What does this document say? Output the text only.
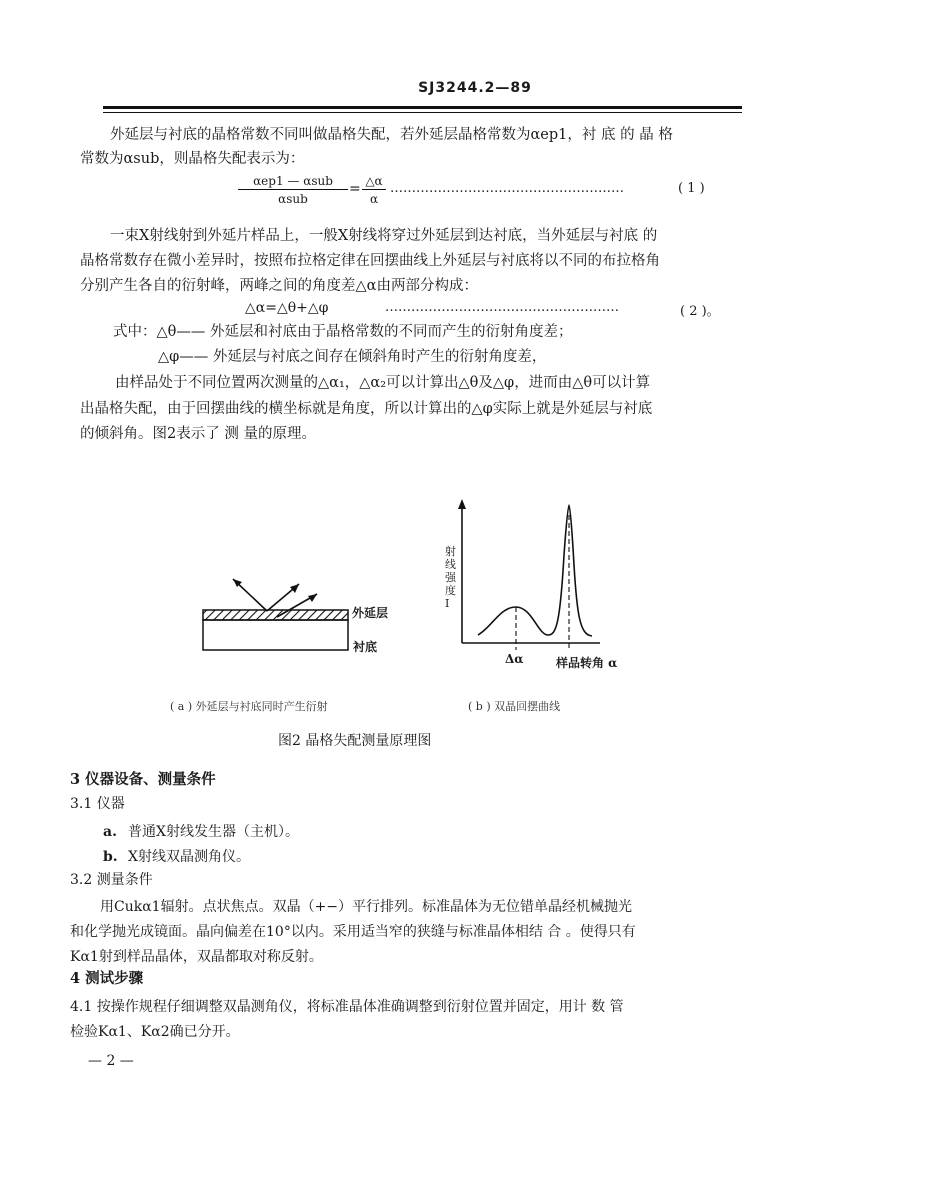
SJ3244.2—89
外延层与衬底的晶格常数不同叫做晶格失配，若外延层晶格常数为αep1，衬 底 的 晶 格
常数为αsub，则晶格失配表示为：
αep1 — αsub
αsub
= $\frac{\triangle\alpha}{\alpha}$ ………………………………………………	( 1 )
一束X射线射到外延片样品上，一般X射线将穿过外延层到达衬底，当外延层与衬底 的
晶格常数存在微小差异时，按照布拉格定律在回摆曲线上外延层与衬底将以不同的布拉格角
分别产生各自的衍射峰，两峰之间的角度差△α由两部分构成：
△α=△θ+△φ	………………………………………………	( 2 )。
式中：△θ—— 外延层和衬底由于晶格常数的不同而产生的衍射角度差；
△φ—— 外延层与衬底之间存在倾斜角时产生的衍射角度差，
由样品处于不同位置两次测量的△α₁，△α₂可以计算出△θ及△φ，进而由△θ可以计算
出晶格失配，由于回摆曲线的横坐标就是角度，所以计算出的△φ实际上就是外延层与衬底
的倾斜角。图2表示了 测 量的原理。
外延层
衬底
射线强度 I
Δα	样品转角 α
( a ) 外延层与衬底同时产生衍射	( b ) 双晶回摆曲线
图2 晶格失配测量原理图
3 仪器设备、测量条件
3.1 仪器
a. 普通X射线发生器（主机）。
b. X射线双晶测角仪。
3.2 测量条件
用Cukα1辐射。点状焦点。双晶（+−）平行排列。标准晶体为无位错单晶经机械抛光
和化学抛光成镜面。晶向偏差在10°以内。采用适当窄的狭缝与标准晶体相结 合 。使得只有
Kα1射到样品晶体，双晶都取对称反射。
4 测试步骤
4.1 按操作规程仔细调整双晶测角仪，将标准晶体准确调整到衍射位置并固定，用计 数 管
检验Kα1、Kα2确已分开。
— 2 —
